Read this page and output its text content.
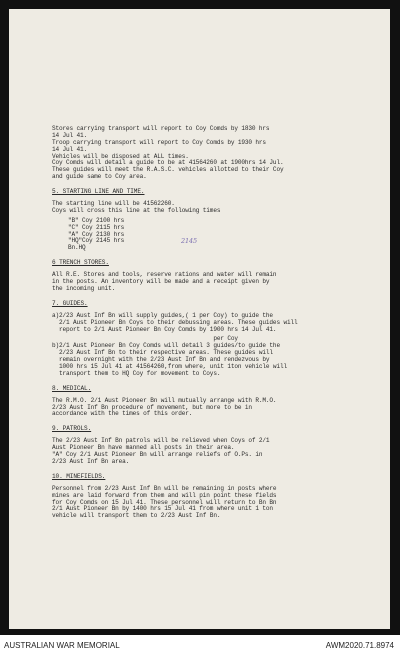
Stores carrying transport will report to Coy Comds by 1830 hrs
14 Jul 41.
Troop carrying transport will report to Coy Comds by 1930 hrs
14 Jul 41.
Vehicles will be disposed at ALL times.
Coy Comds will detail a guide to be at 41564260 at 1900hrs 14 Jul.
These guides will meet the R.A.S.C. vehicles allotted to their Coy
and guide same to Coy area.
5. STARTING LINE AND TIME.
The starting line will be 41562260.
Coys will cross this line at the following times
"B" Coy 2100 hrs
"C" Coy 2115 hrs
"A" Coy 2130 hrs
"HQ"Coy 2145 hrs	2145
Bn.HQ
6 TRENCH STORES.
All R.E. Stores and tools, reserve rations and water will remain
in the posts. An inventory will be made and a receipt given by
the incoming unit.
7. GUIDES.
a)2/23 Aust Inf Bn will supply guides,( 1 per Coy) to guide the
2/1 Aust Pioneer Bn Coys to their debussing areas. These guides will
report to 2/1 Aust Pioneer Bn Coy Comds by 1900 hrs 14 Jul 41.
per Coy
b)2/1 Aust Pioneer Bn Coy Comds will detail 3 guides/to guide the
2/23 Aust Inf Bn to their respective areas. These guides will
remain overnight with the 2/23 Aust Inf Bn and rendezvous by
1000 hrs 15 Jul 41 at 41564260,from where, unit 1ton vehicle will
transport them to HQ Coy for movement to Coys.
8. MEDICAL.
The R.M.O. 2/1 Aust Pioneer Bn will mutually arrange with R.M.O.
2/23 Aust Inf Bn procedure of movement, but more to be in
accordance with the times of this order.
9. PATROLS.
The 2/23 Aust Inf Bn patrols will be relieved when Coys of 2/1
Aust Pioneer Bn have manned all posts in their area.
"A" Coy 2/1 Aust Pioneer Bn will arrange reliefs of O.Ps. in
2/23 Aust Inf Bn area.
10. MINEFIELDS.
Personnel from 2/23 Aust Inf Bn will be remaining in posts where
mines are laid forward from them and will pin point these fields
for Coy Comds on 15 Jul 41. These personnel will return to Bn Bn
2/1 Aust Pioneer Bn by 1400 hrs 15 Jul 41 from where unit 1 ton
vehicle will transport them to 2/23 Aust Inf Bn.
AUSTRALIAN WAR MEMORIAL	AWM2020.71.8974
